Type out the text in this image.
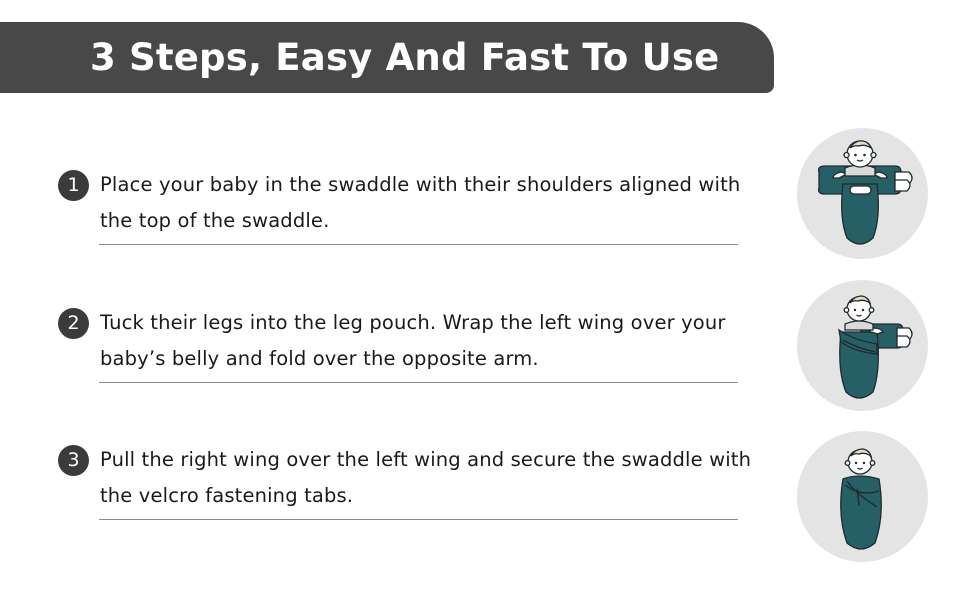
3 Steps, Easy And Fast To Use
1	Place your baby in the swaddle with their shoulders aligned with the top of the swaddle.
2	Tuck their legs into the leg pouch. Wrap the left wing over your baby’s belly and fold over the opposite arm.
3	Pull the right wing over the left wing and secure the swaddle with the velcro fastening tabs.
